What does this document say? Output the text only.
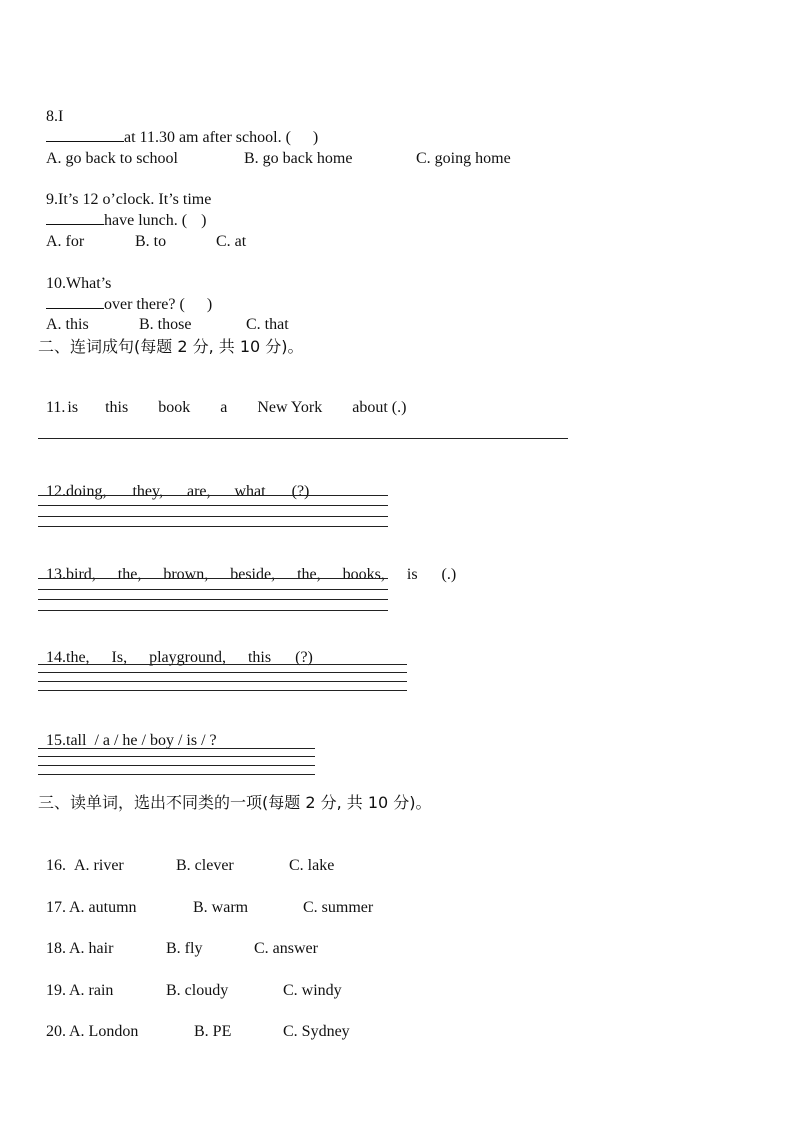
8.I
at 11.30 am after school. ( )

A. go back to school	B. go back home	C. going home

9.It’s 12 o’clock. It’s time
have lunch. ( )

A. for	B. to	C. at

10.What’s
over there? ( )

A. this	B. those	C. that

二、连词成句(每题 2 分, 共 10 分)。

11. is this book a New York about (.)

12.doing, they, are, what (?)

13.bird, the, brown, beside, the, books, is (.)

14.the, Is, playground, this (?)

15.tall  / a / he / boy / is / ?

三、读单词，选出不同类的一项(每题 2 分, 共 10 分)。

16. A. river	B. clever	C. lake

17. A. autumn	B. warm	C. summer

18. A. hair	B. fly	C. answer

19. A. rain	B. cloudy	C. windy

20. A. London	B. PE	C. Sydney
